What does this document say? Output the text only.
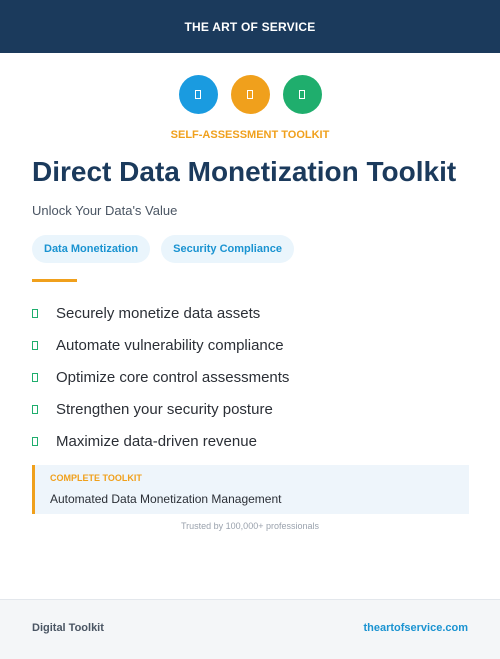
THE ART OF SERVICE
SELF-ASSESSMENT TOOLKIT
Direct Data Monetization Toolkit
Unlock Your Data's Value
Data Monetization	Security Compliance
Securely monetize data assets
Automate vulnerability compliance
Optimize core control assessments
Strengthen your security posture
Maximize data-driven revenue
COMPLETE TOOLKIT
Automated Data Monetization Management
Trusted by 100,000+ professionals
Digital Toolkit	theartofservice.com
